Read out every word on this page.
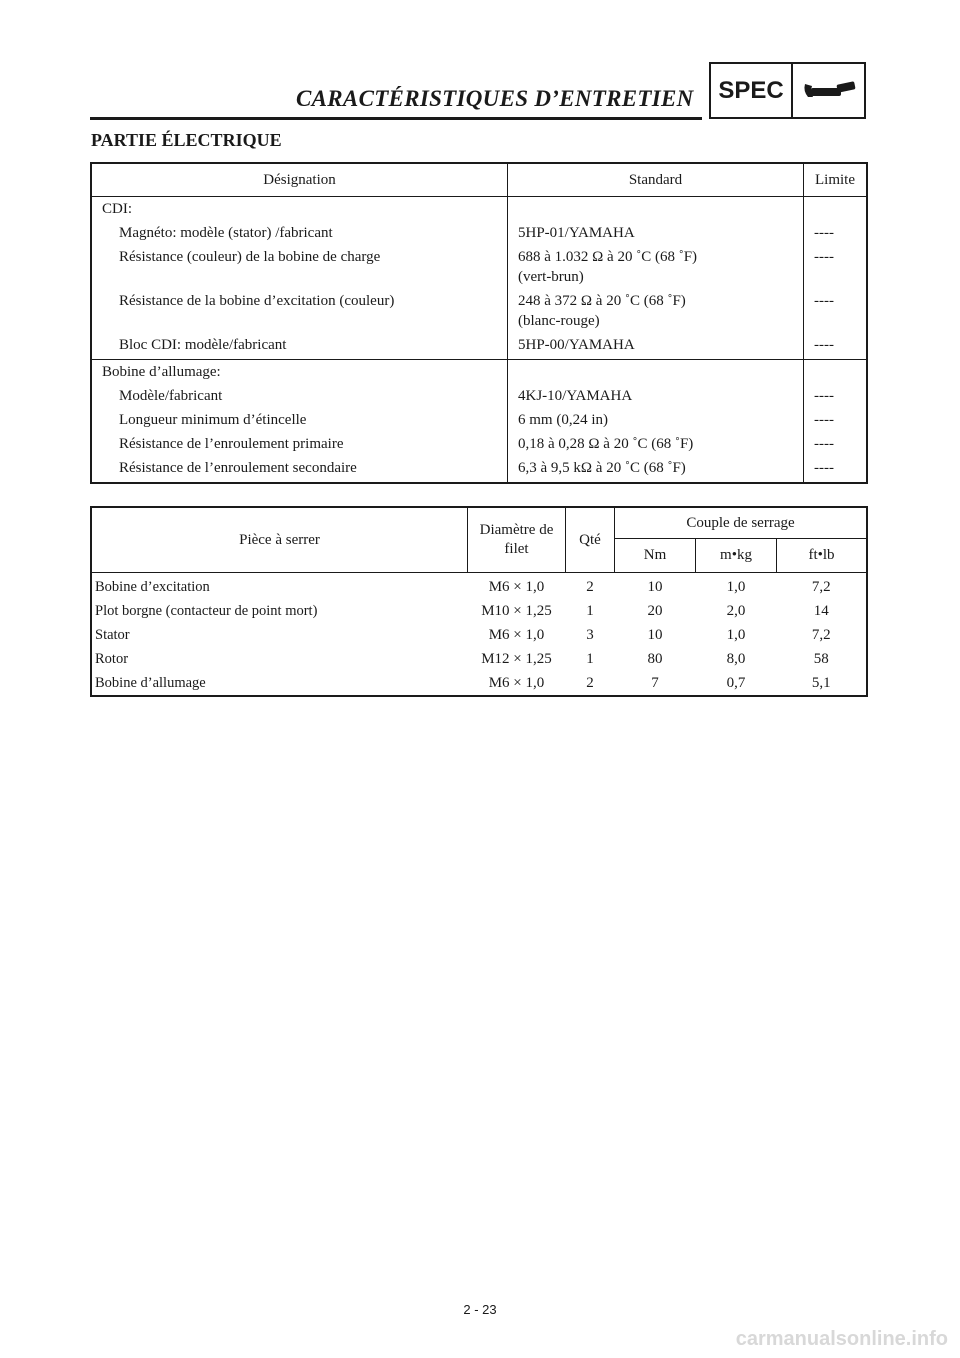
CARACTÉRISTIQUES D’ENTRETIEN	SPEC
PARTIE ÉLECTRIQUE
Désignation	Standard	Limite
CDI:		
Magnéto: modèle (stator) /fabricant	5HP-01/YAMAHA	----
Résistance (couleur) de la bobine de charge	688 à 1.032 Ω à 20 ˚C (68 ˚F)
(vert-brun)	----
Résistance de la bobine d’excitation (couleur)	248 à 372 Ω à 20 ˚C (68 ˚F)
(blanc-rouge)	----
Bloc CDI: modèle/fabricant	5HP-00/YAMAHA	----
Bobine d’allumage:		
Modèle/fabricant	4KJ-10/YAMAHA	----
Longueur minimum d’étincelle	6 mm (0,24 in)	----
Résistance de l’enroulement primaire	0,18 à 0,28 Ω à 20 ˚C (68 ˚F)	----
Résistance de l’enroulement secondaire	6,3 à 9,5 kΩ à 20 ˚C (68 ˚F)	----
Pièce à serrer	Diamètre de filet	Qté	Couple de serrage		
			Nm	m•kg	ft•lb
Bobine d’excitation	M6 × 1,0	2	10	1,0	7,2
Plot borgne (contacteur de point mort)	M10 × 1,25	1	20	2,0	14
Stator	M6 × 1,0	3	10	1,0	7,2
Rotor	M12 × 1,25	1	80	8,0	58
Bobine d’allumage	M6 × 1,0	2	7	0,7	5,1
2 - 23
carmanualsonline.info
